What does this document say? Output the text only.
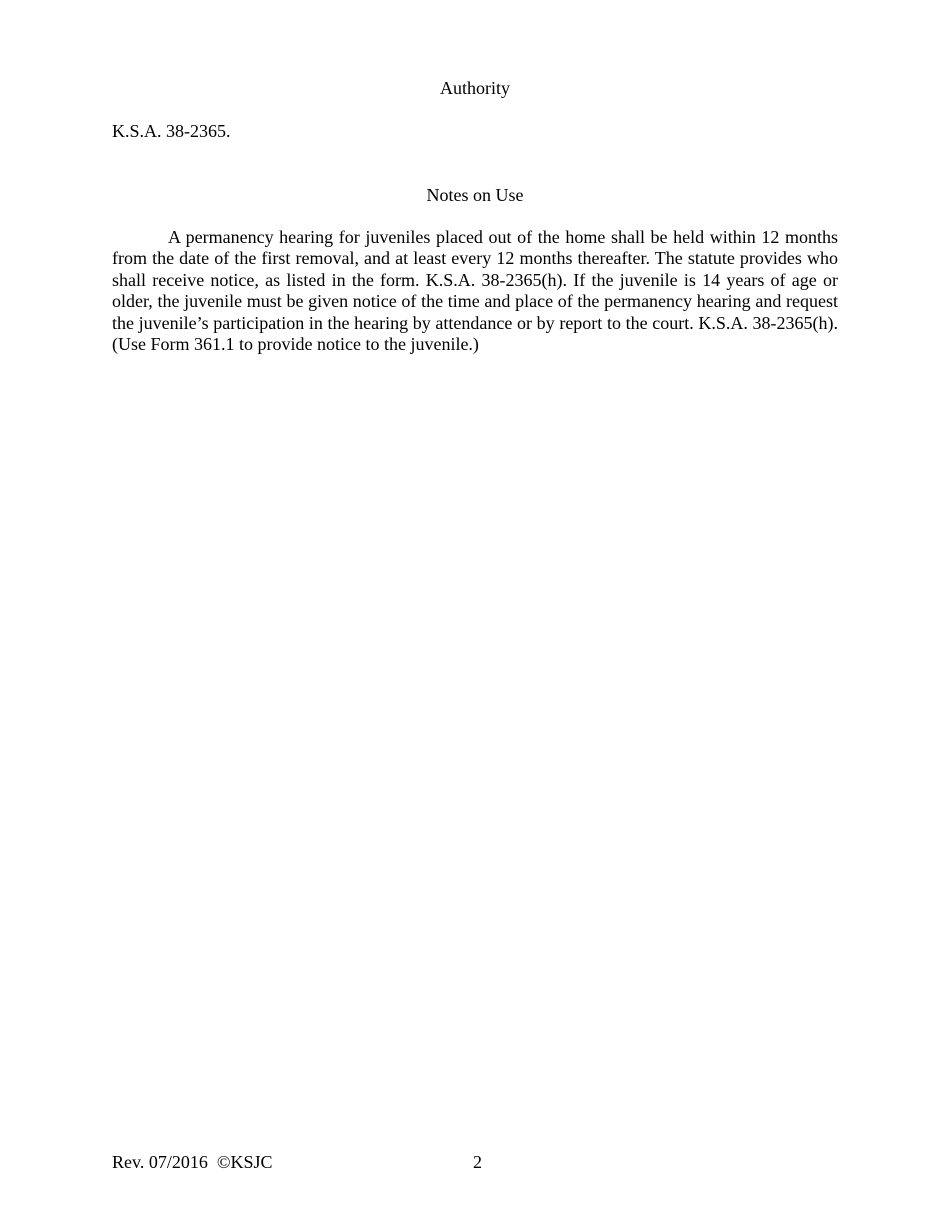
Authority
K.S.A. 38-2365.
Notes on Use

A permanency hearing for juveniles placed out of the home shall be held within 12 months from the date of the first removal, and at least every 12 months thereafter. The statute provides who shall receive notice, as listed in the form. K.S.A. 38-2365(h). If the juvenile is 14 years of age or older, the juvenile must be given notice of the time and place of the permanency hearing and request the juvenile’s participation in the hearing by attendance or by report to the court. K.S.A. 38-2365(h). (Use Form 361.1 to provide notice to the juvenile.)

Rev. 07/2016  ©KSJC	2
